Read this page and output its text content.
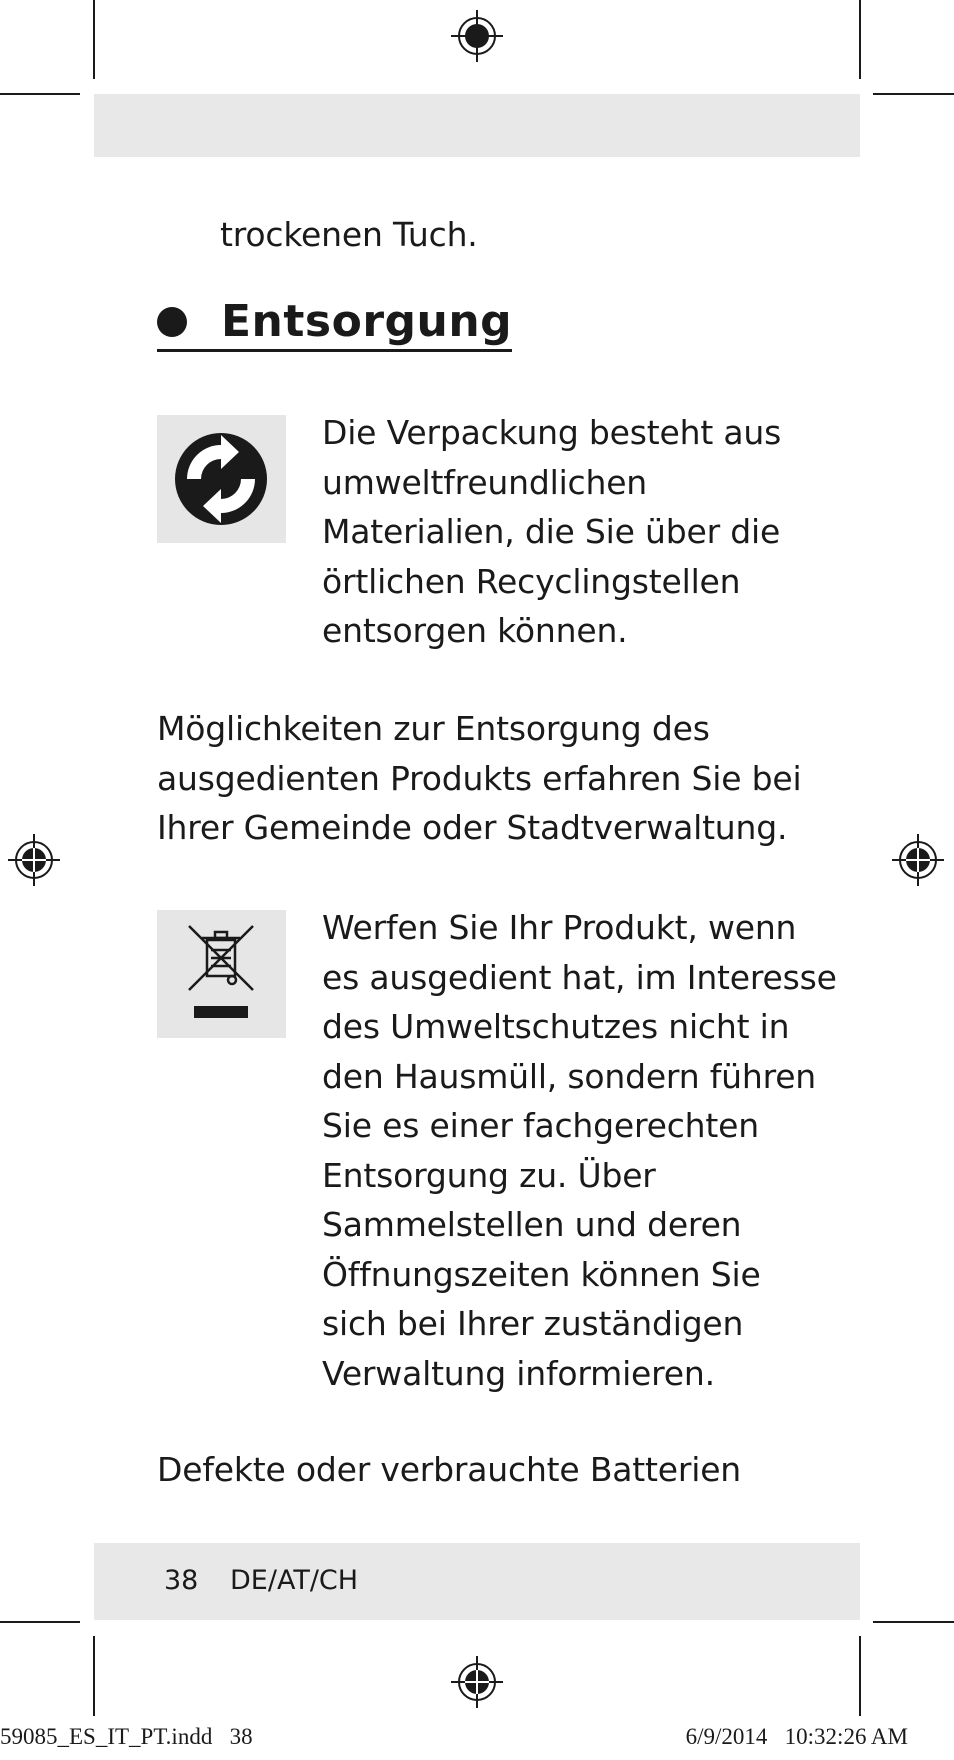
trockenen Tuch.
Entsorgung
Die Verpackung besteht aus
umweltfreundlichen
Materialien, die Sie über die
örtlichen Recyclingstellen
entsorgen können.
Möglichkeiten zur Entsorgung des
ausgedienten Produkts erfahren Sie bei
Ihrer Gemeinde oder Stadtverwaltung.
Werfen Sie Ihr Produkt, wenn
es ausgedient hat, im Interesse
des Umweltschutzes nicht in
den Hausmüll, sondern führen
Sie es einer fachgerechten
Entsorgung zu. Über
Sammelstellen und deren
Öffnungszeiten können Sie
sich bei Ihrer zuständigen
Verwaltung informieren.
Defekte oder verbrauchte Batterien
38 DE/AT/CH
59085_ES_IT_PT.indd   38	6/9/2014   10:32:26 AM
